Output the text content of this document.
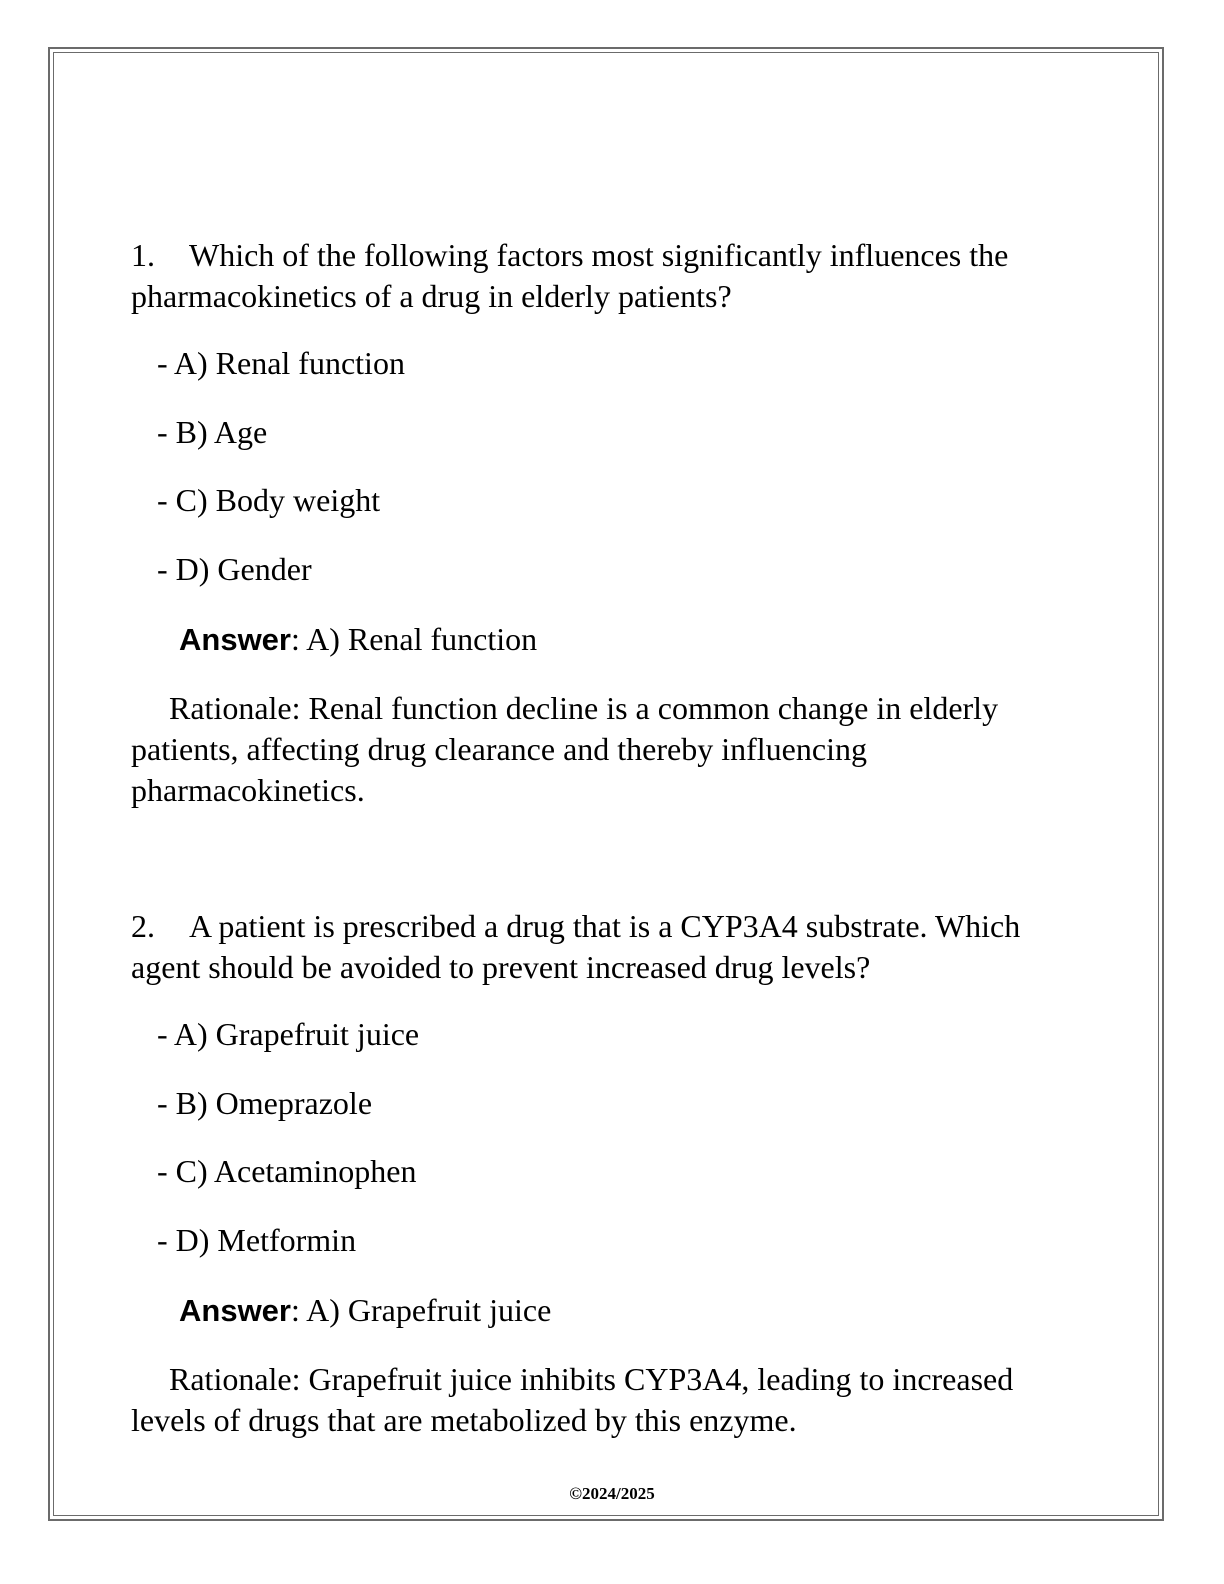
1. Which of the following factors most significantly influences the pharmacokinetics of a drug in elderly patients?

- A) Renal function

- B) Age

- C) Body weight

- D) Gender

Answer: A) Renal function

Rationale: Renal function decline is a common change in elderly patients, affecting drug clearance and thereby influencing pharmacokinetics.

2. A patient is prescribed a drug that is a CYP3A4 substrate. Which agent should be avoided to prevent increased drug levels?

- A) Grapefruit juice

- B) Omeprazole

- C) Acetaminophen

- D) Metformin

Answer: A) Grapefruit juice

Rationale: Grapefruit juice inhibits CYP3A4, leading to increased levels of drugs that are metabolized by this enzyme.

©2024/2025
